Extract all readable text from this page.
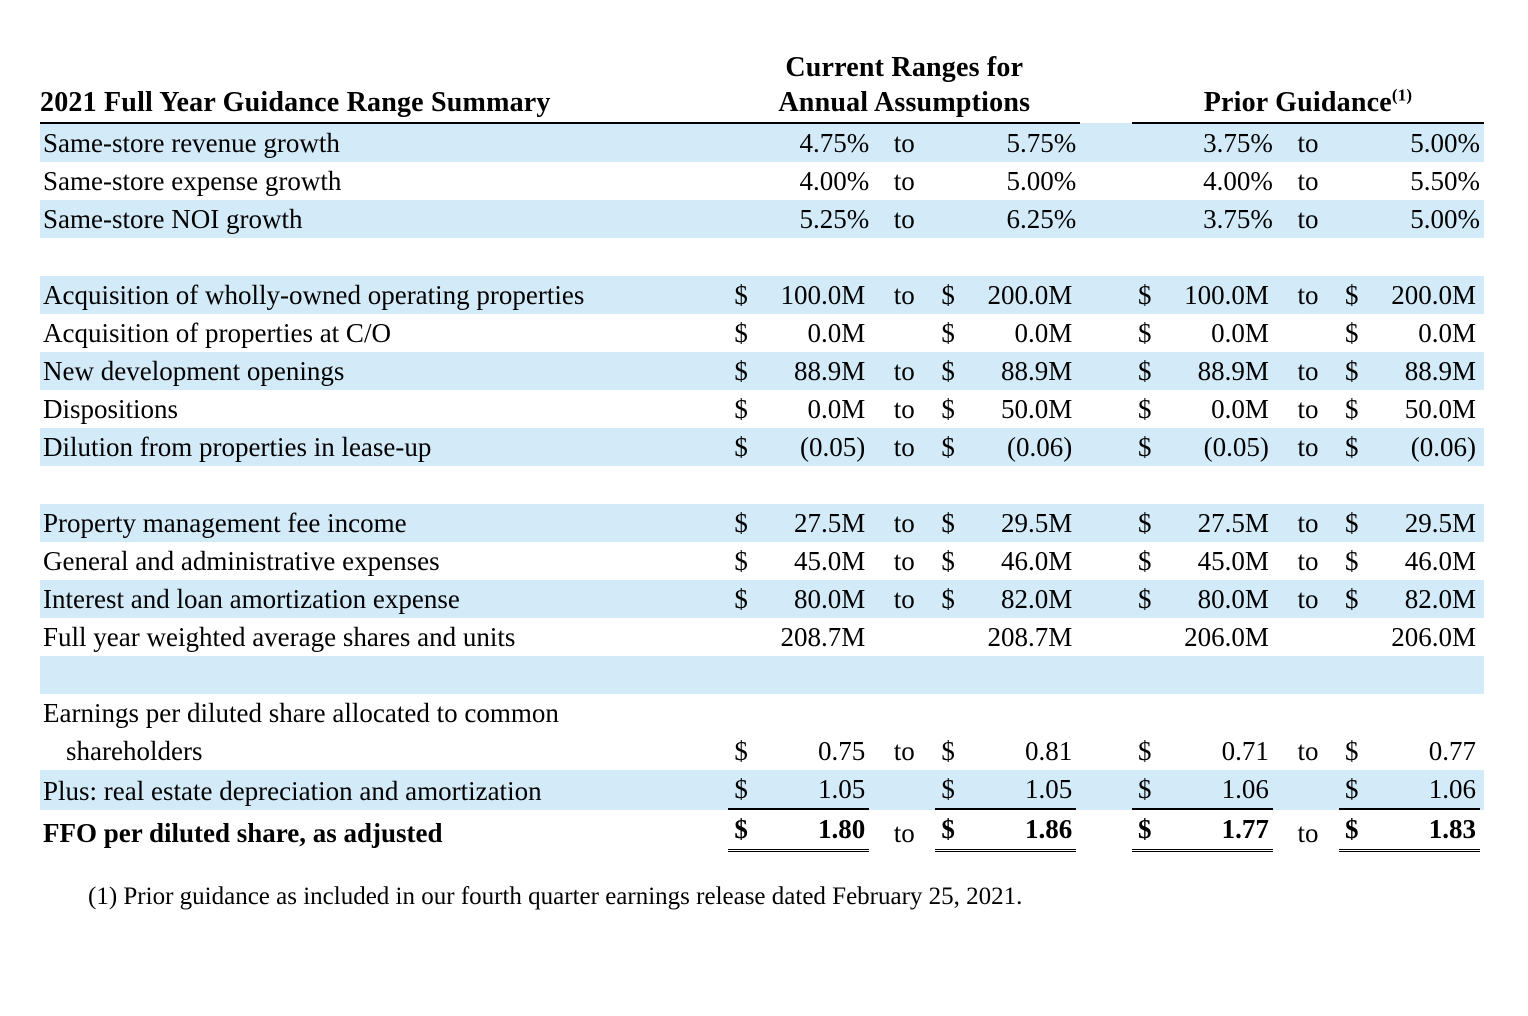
	Current Ranges for						
2021 Full Year Guidance Range Summary	Annual Assumptions				Prior Guidance$^{(1)}$
Same-store revenue growth	4.75%	to	5.75%		3.75%	to	5.00%
Same-store expense growth	4.00%	to	5.00%		4.00%	to	5.50%
Same-store NOI growth	5.25%	to	6.25%		3.75%	to	5.00%

Acquisition of wholly-owned operating properties	$ 100.0M	to	$ 200.0M		$ 100.0M	to	$ 200.0M

Acquisition of properties at C/O	$ 0.0M		$ 0.0M		$ 0.0M		$ 0.0M

New development openings	$ 88.9M	to	$ 88.9M		$ 88.9M	to	$ 88.9M

Dispositions	$ 0.0M	to	$ 50.0M		$ 0.0M	to	$ 50.0M

Dilution from properties in lease-up	$ (0.05)	to	$ (0.06)		$ (0.05)	to	$ (0.06)

Property management fee income	$ 27.5M	to	$ 29.5M		$ 27.5M	to	$ 29.5M

General and administrative expenses	$ 45.0M	to	$ 46.0M		$ 45.0M	to	$ 46.0M

Interest and loan amortization expense	$ 80.0M	to	$ 82.0M		$ 80.0M	to	$ 82.0M

Full year weighted average shares and units	208.7M		208.7M		206.0M		206.0M

Earnings per diluted share allocated to common							
shareholders	$ 0.75	to	$ 0.81		$ 0.71	to	$ 0.77

Plus: real estate depreciation and amortization	$ 1.05		$ 1.05		$ 1.06		$ 1.06

FFO per diluted share, as adjusted	$ 1.80	to	$ 1.86		$ 1.77	to	$ 1.83
(1) Prior guidance as included in our fourth quarter earnings release dated February 25, 2021.
